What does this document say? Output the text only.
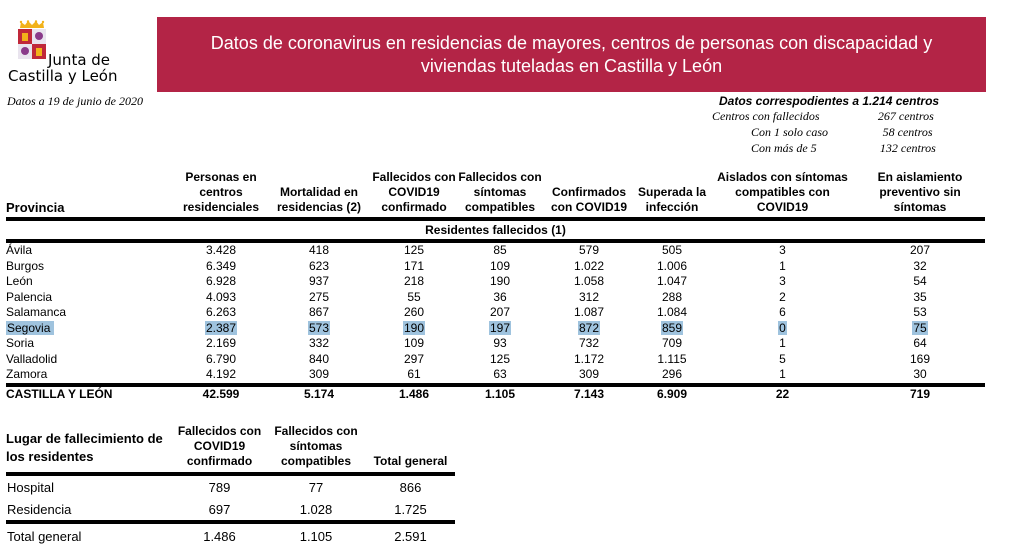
Junta de
Castilla y León
Datos a 19 de junio de 2020
Datos de coronavirus en residencias de mayores, centros de personas con discapacidad y viviendas tuteladas en Castilla y León
Datos correspodientes a 1.214 centros
Centros con fallecidos	267 centros
Con 1 solo caso	58 centros
Con más de 5	132 centros
Provincia	Personas en centros residenciales	Mortalidad en residencias (2)	Fallecidos con COVID19 confirmado	Fallecidos con síntomas compatibles	Confirmados con COVID19	Superada la infección	Aislados con síntomas compatibles con COVID19	En aislamiento preventivo sin síntomas
Residentes fallecidos (1)								
Ávila	3.428	418	125	85	579	505	3	207
Burgos	6.349	623	171	109	1.022	1.006	1	32
León	6.928	937	218	190	1.058	1.047	3	54
Palencia	4.093	275	55	36	312	288	2	35
Salamanca	6.263	867	260	207	1.087	1.084	6	53
Segovia	2.387	573	190	197	872	859	0	75
Soria	2.169	332	109	93	732	709	1	64
Valladolid	6.790	840	297	125	1.172	1.115	5	169
Zamora	4.192	309	61	63	309	296	1	30
CASTILLA Y LEÓN	42.599	5.174	1.486	1.105	7.143	6.909	22	719
Lugar de fallecimiento de los residentes	Fallecidos con COVID19 confirmado	Fallecidos con síntomas compatibles	Total general
Hospital	789	77	866
Residencia	697	1.028	1.725
Total general	1.486	1.105	2.591
